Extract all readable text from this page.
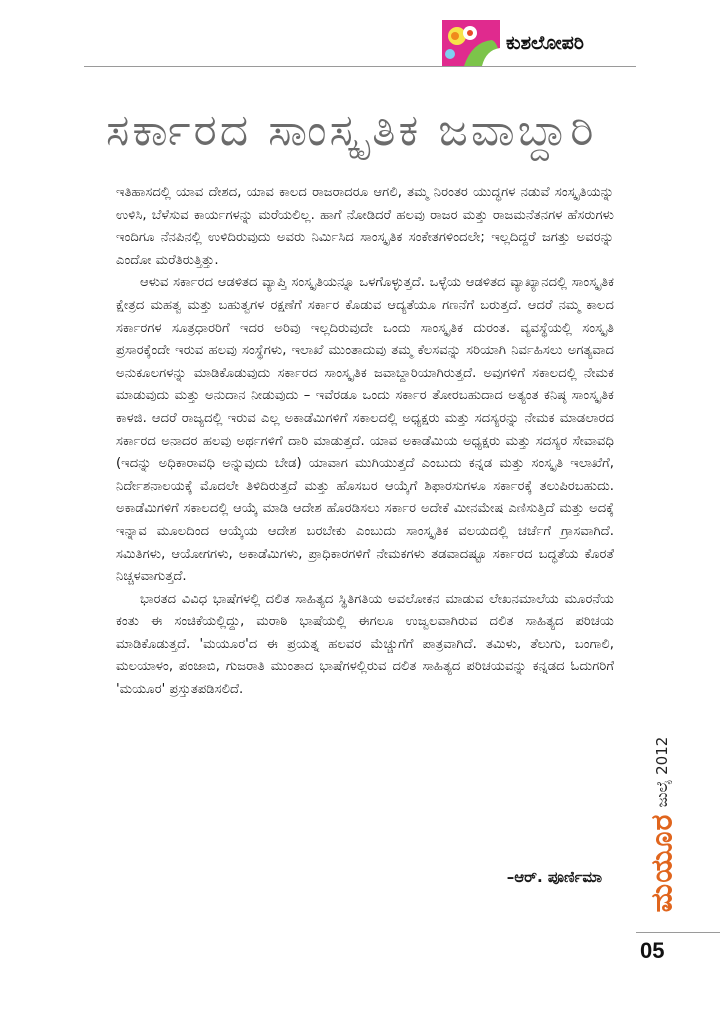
ಕುಶಲೋಪರಿ
ಸರ್ಕಾರದ ಸಾಂಸ್ಕೃತಿಕ ಜವಾಬ್ದಾರಿ

ಇತಿಹಾಸದಲ್ಲಿ ಯಾವ ದೇಶದ, ಯಾವ ಕಾಲದ ರಾಜರಾದರೂ ಆಗಲಿ, ತಮ್ಮ ನಿರಂತರ ಯುದ್ಧಗಳ ನಡುವೆ ಸಂಸ್ಕೃತಿಯನ್ನು ಉಳಿಸಿ, ಬೆಳೆಸುವ ಕಾರ್ಯಗಳನ್ನು ಮರೆಯಲಿಲ್ಲ. ಹಾಗೆ ನೋಡಿದರೆ ಹಲವು ರಾಜರ ಮತ್ತು ರಾಜಮನೆತನಗಳ ಹೆಸರುಗಳು ಇಂದಿಗೂ ನೆನಪಿನಲ್ಲಿ ಉಳಿದಿರುವುದು ಅವರು ನಿರ್ಮಿಸಿದ ಸಾಂಸ್ಕೃತಿಕ ಸಂಕೇತಗಳಿಂದಲೇ; ಇಲ್ಲದಿದ್ದರೆ ಜಗತ್ತು ಅವರನ್ನು ಎಂದೋ ಮರೆತಿರುತ್ತಿತ್ತು.

ಆಳುವ ಸರ್ಕಾರದ ಆಡಳಿತದ ವ್ಯಾಪ್ತಿ ಸಂಸ್ಕೃತಿಯನ್ನೂ ಒಳಗೊಳ್ಳುತ್ತದೆ. ಒಳ್ಳೆಯ ಆಡಳಿತದ ವ್ಯಾಖ್ಯಾನದಲ್ಲಿ ಸಾಂಸ್ಕೃತಿಕ ಕ್ಷೇತ್ರದ ಮಹತ್ವ ಮತ್ತು ಬಹುತ್ವಗಳ ರಕ್ಷಣೆಗೆ ಸರ್ಕಾರ ಕೊಡುವ ಆದ್ಯತೆಯೂ ಗಣನೆಗೆ ಬರುತ್ತದೆ. ಆದರೆ ನಮ್ಮ ಕಾಲದ ಸರ್ಕಾರಗಳ ಸೂತ್ರಧಾರರಿಗೆ ಇದರ ಅರಿವು ಇಲ್ಲದಿರುವುದೇ ಒಂದು ಸಾಂಸ್ಕೃತಿಕ ದುರಂತ. ವ್ಯವಸ್ಥೆಯಲ್ಲಿ ಸಂಸ್ಕೃತಿ ಪ್ರಸಾರಕ್ಕೆಂದೇ ಇರುವ ಹಲವು ಸಂಸ್ಥೆಗಳು, ಇಲಾಖೆ ಮುಂತಾದುವು ತಮ್ಮ ಕೆಲಸವನ್ನು ಸರಿಯಾಗಿ ನಿರ್ವಹಿಸಲು ಅಗತ್ಯವಾದ ಅನುಕೂಲಗಳನ್ನು ಮಾಡಿಕೊಡುವುದು ಸರ್ಕಾರದ ಸಾಂಸ್ಕೃತಿಕ ಜವಾಬ್ದಾರಿಯಾಗಿರುತ್ತದೆ. ಅವುಗಳಿಗೆ ಸಕಾಲದಲ್ಲಿ ನೇಮಕ ಮಾಡುವುದು ಮತ್ತು ಅನುದಾನ ನೀಡುವುದು – ಇವೆರಡೂ ಒಂದು ಸರ್ಕಾರ ತೋರಬಹುದಾದ ಅತ್ಯಂತ ಕನಿಷ್ಠ ಸಾಂಸ್ಕೃತಿಕ ಕಾಳಜಿ. ಆದರೆ ರಾಜ್ಯದಲ್ಲಿ ಇರುವ ಎಲ್ಲ ಅಕಾಡೆಮಿಗಳಿಗೆ ಸಕಾಲದಲ್ಲಿ ಅಧ್ಯಕ್ಷರು ಮತ್ತು ಸದಸ್ಯರನ್ನು ನೇಮಕ ಮಾಡಲಾರದ ಸರ್ಕಾರದ ಅನಾದರ ಹಲವು ಅರ್ಥಗಳಿಗೆ ದಾರಿ ಮಾಡುತ್ತದೆ. ಯಾವ ಅಕಾಡೆಮಿಯ ಅಧ್ಯಕ್ಷರು ಮತ್ತು ಸದಸ್ಯರ ಸೇವಾವಧಿ (ಇದನ್ನು ಅಧಿಕಾರಾವಧಿ ಅನ್ನುವುದು ಬೇಡ) ಯಾವಾಗ ಮುಗಿಯುತ್ತದೆ ಎಂಬುದು ಕನ್ನಡ ಮತ್ತು ಸಂಸ್ಕೃತಿ ಇಲಾಖೆಗೆ, ನಿರ್ದೇಶನಾಲಯಕ್ಕೆ ಮೊದಲೇ ತಿಳಿದಿರುತ್ತದೆ ಮತ್ತು ಹೊಸಬರ ಆಯ್ಕೆಗೆ ಶಿಫಾರಸುಗಳೂ ಸರ್ಕಾರಕ್ಕೆ ತಲುಪಿರಬಹುದು. ಅಕಾಡೆಮಿಗಳಿಗೆ ಸಕಾಲದಲ್ಲಿ ಆಯ್ಕೆ ಮಾಡಿ ಆದೇಶ ಹೊರಡಿಸಲು ಸರ್ಕಾರ ಅದೇಕೆ ಮೀನಮೇಷ ಎಣಿಸುತ್ತಿದೆ ಮತ್ತು ಅದಕ್ಕೆ ಇನ್ನಾವ ಮೂಲದಿಂದ ಆಯ್ಕೆಯ ಆದೇಶ ಬರಬೇಕು ಎಂಬುದು ಸಾಂಸ್ಕೃತಿಕ ವಲಯದಲ್ಲಿ ಚರ್ಚೆಗೆ ಗ್ರಾಸವಾಗಿದೆ. ಸಮಿತಿಗಳು, ಆಯೋಗಗಳು, ಅಕಾಡೆಮಿಗಳು, ಪ್ರಾಧಿಕಾರಗಳಿಗೆ ನೇಮಕಗಳು ತಡವಾದಷ್ಟೂ ಸರ್ಕಾರದ ಬದ್ಧತೆಯ ಕೊರತೆ ನಿಚ್ಚಳವಾಗುತ್ತದೆ.

ಭಾರತದ ವಿವಿಧ ಭಾಷೆಗಳಲ್ಲಿ ದಲಿತ ಸಾಹಿತ್ಯದ ಸ್ಥಿತಿಗತಿಯ ಅವಲೋಕನ ಮಾಡುವ ಲೇಖನಮಾಲೆಯ ಮೂರನೆಯ ಕಂತು ಈ ಸಂಚಿಕೆಯಲ್ಲಿದ್ದು, ಮರಾಠಿ ಭಾಷೆಯಲ್ಲಿ ಈಗಲೂ ಉಜ್ವಲವಾಗಿರುವ ದಲಿತ ಸಾಹಿತ್ಯದ ಪರಿಚಯ ಮಾಡಿಕೊಡುತ್ತದೆ. 'ಮಯೂರ'ದ ಈ ಪ್ರಯತ್ನ ಹಲವರ ಮೆಚ್ಚುಗೆಗೆ ಪಾತ್ರವಾಗಿದೆ. ತಮಿಳು, ತೆಲುಗು, ಬಂಗಾಲಿ, ಮಲಯಾಳಂ, ಪಂಜಾಬಿ, ಗುಜರಾತಿ ಮುಂತಾದ ಭಾಷೆಗಳಲ್ಲಿರುವ ದಲಿತ ಸಾಹಿತ್ಯದ ಪರಿಚಯವನ್ನು ಕನ್ನಡದ ಓದುಗರಿಗೆ 'ಮಯೂರ' ಪ್ರಸ್ತುತಪಡಿಸಲಿದೆ.

–ಆರ್. ಪೂರ್ಣಿಮಾ
ಜುಲೈ 2012
ಮಯೂರ
05
